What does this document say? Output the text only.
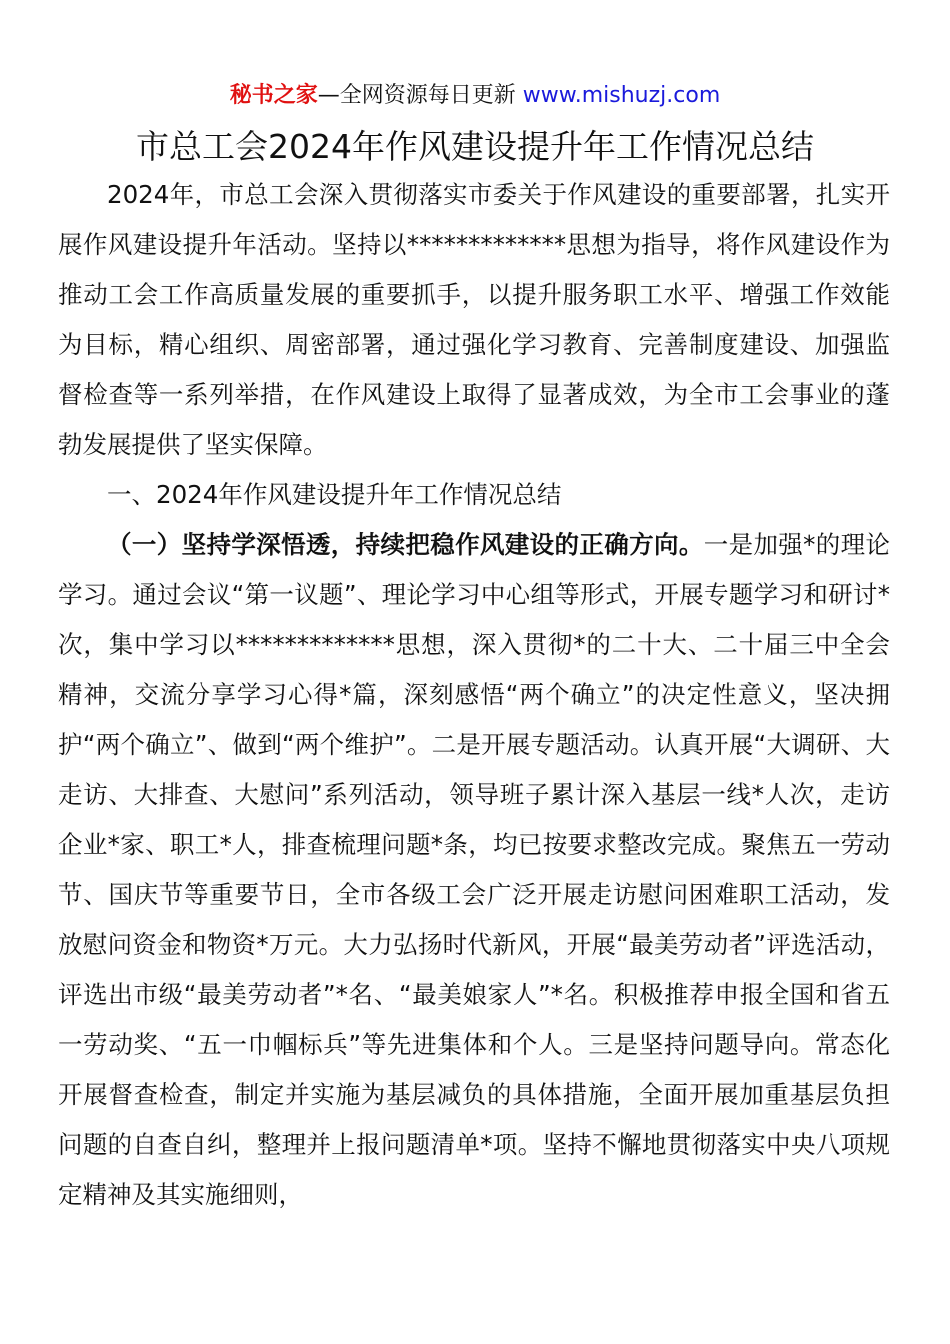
秘书之家—全网资源每日更新 www.mishuzj.com
市总工会2024年作风建设提升年工作情况总结

2024年，市总工会深入贯彻落实市委关于作风建设的重要部署，扎实开展作风建设提升年活动。坚持以*************思想为指导，将作风建设作为推动工会工作高质量发展的重要抓手，以提升服务职工水平、增强工作效能为目标，精心组织、周密部署，通过强化学习教育、完善制度建设、加强监督检查等一系列举措，在作风建设上取得了显著成效，为全市工会事业的蓬勃发展提供了坚实保障。

一、2024年作风建设提升年工作情况总结

（一）坚持学深悟透，持续把稳作风建设的正确方向。一是加强*的理论学习。通过会议“第一议题”、理论学习中心组等形式，开展专题学习和研讨*次，集中学习以*************思想，深入贯彻*的二十大、二十届三中全会精神，交流分享学习心得*篇，深刻感悟“两个确立”的决定性意义，坚决拥护“两个确立”、做到“两个维护”。二是开展专题活动。认真开展“大调研、大走访、大排查、大慰问”系列活动，领导班子累计深入基层一线*人次，走访企业*家、职工*人，排查梳理问题*条，均已按要求整改完成。聚焦五一劳动节、国庆节等重要节日，全市各级工会广泛开展走访慰问困难职工活动，发放慰问资金和物资*万元。大力弘扬时代新风，开展“最美劳动者”评选活动，评选出市级“最美劳动者”*名、“最美娘家人”*名。积极推荐申报全国和省五一劳动奖、“五一巾帼标兵”等先进集体和个人。三是坚持问题导向。常态化开展督查检查，制定并实施为基层减负的具体措施，全面开展加重基层负担问题的自查自纠，整理并上报问题清单*项。坚持不懈地贯彻落实中央八项规定精神及其实施细则，
